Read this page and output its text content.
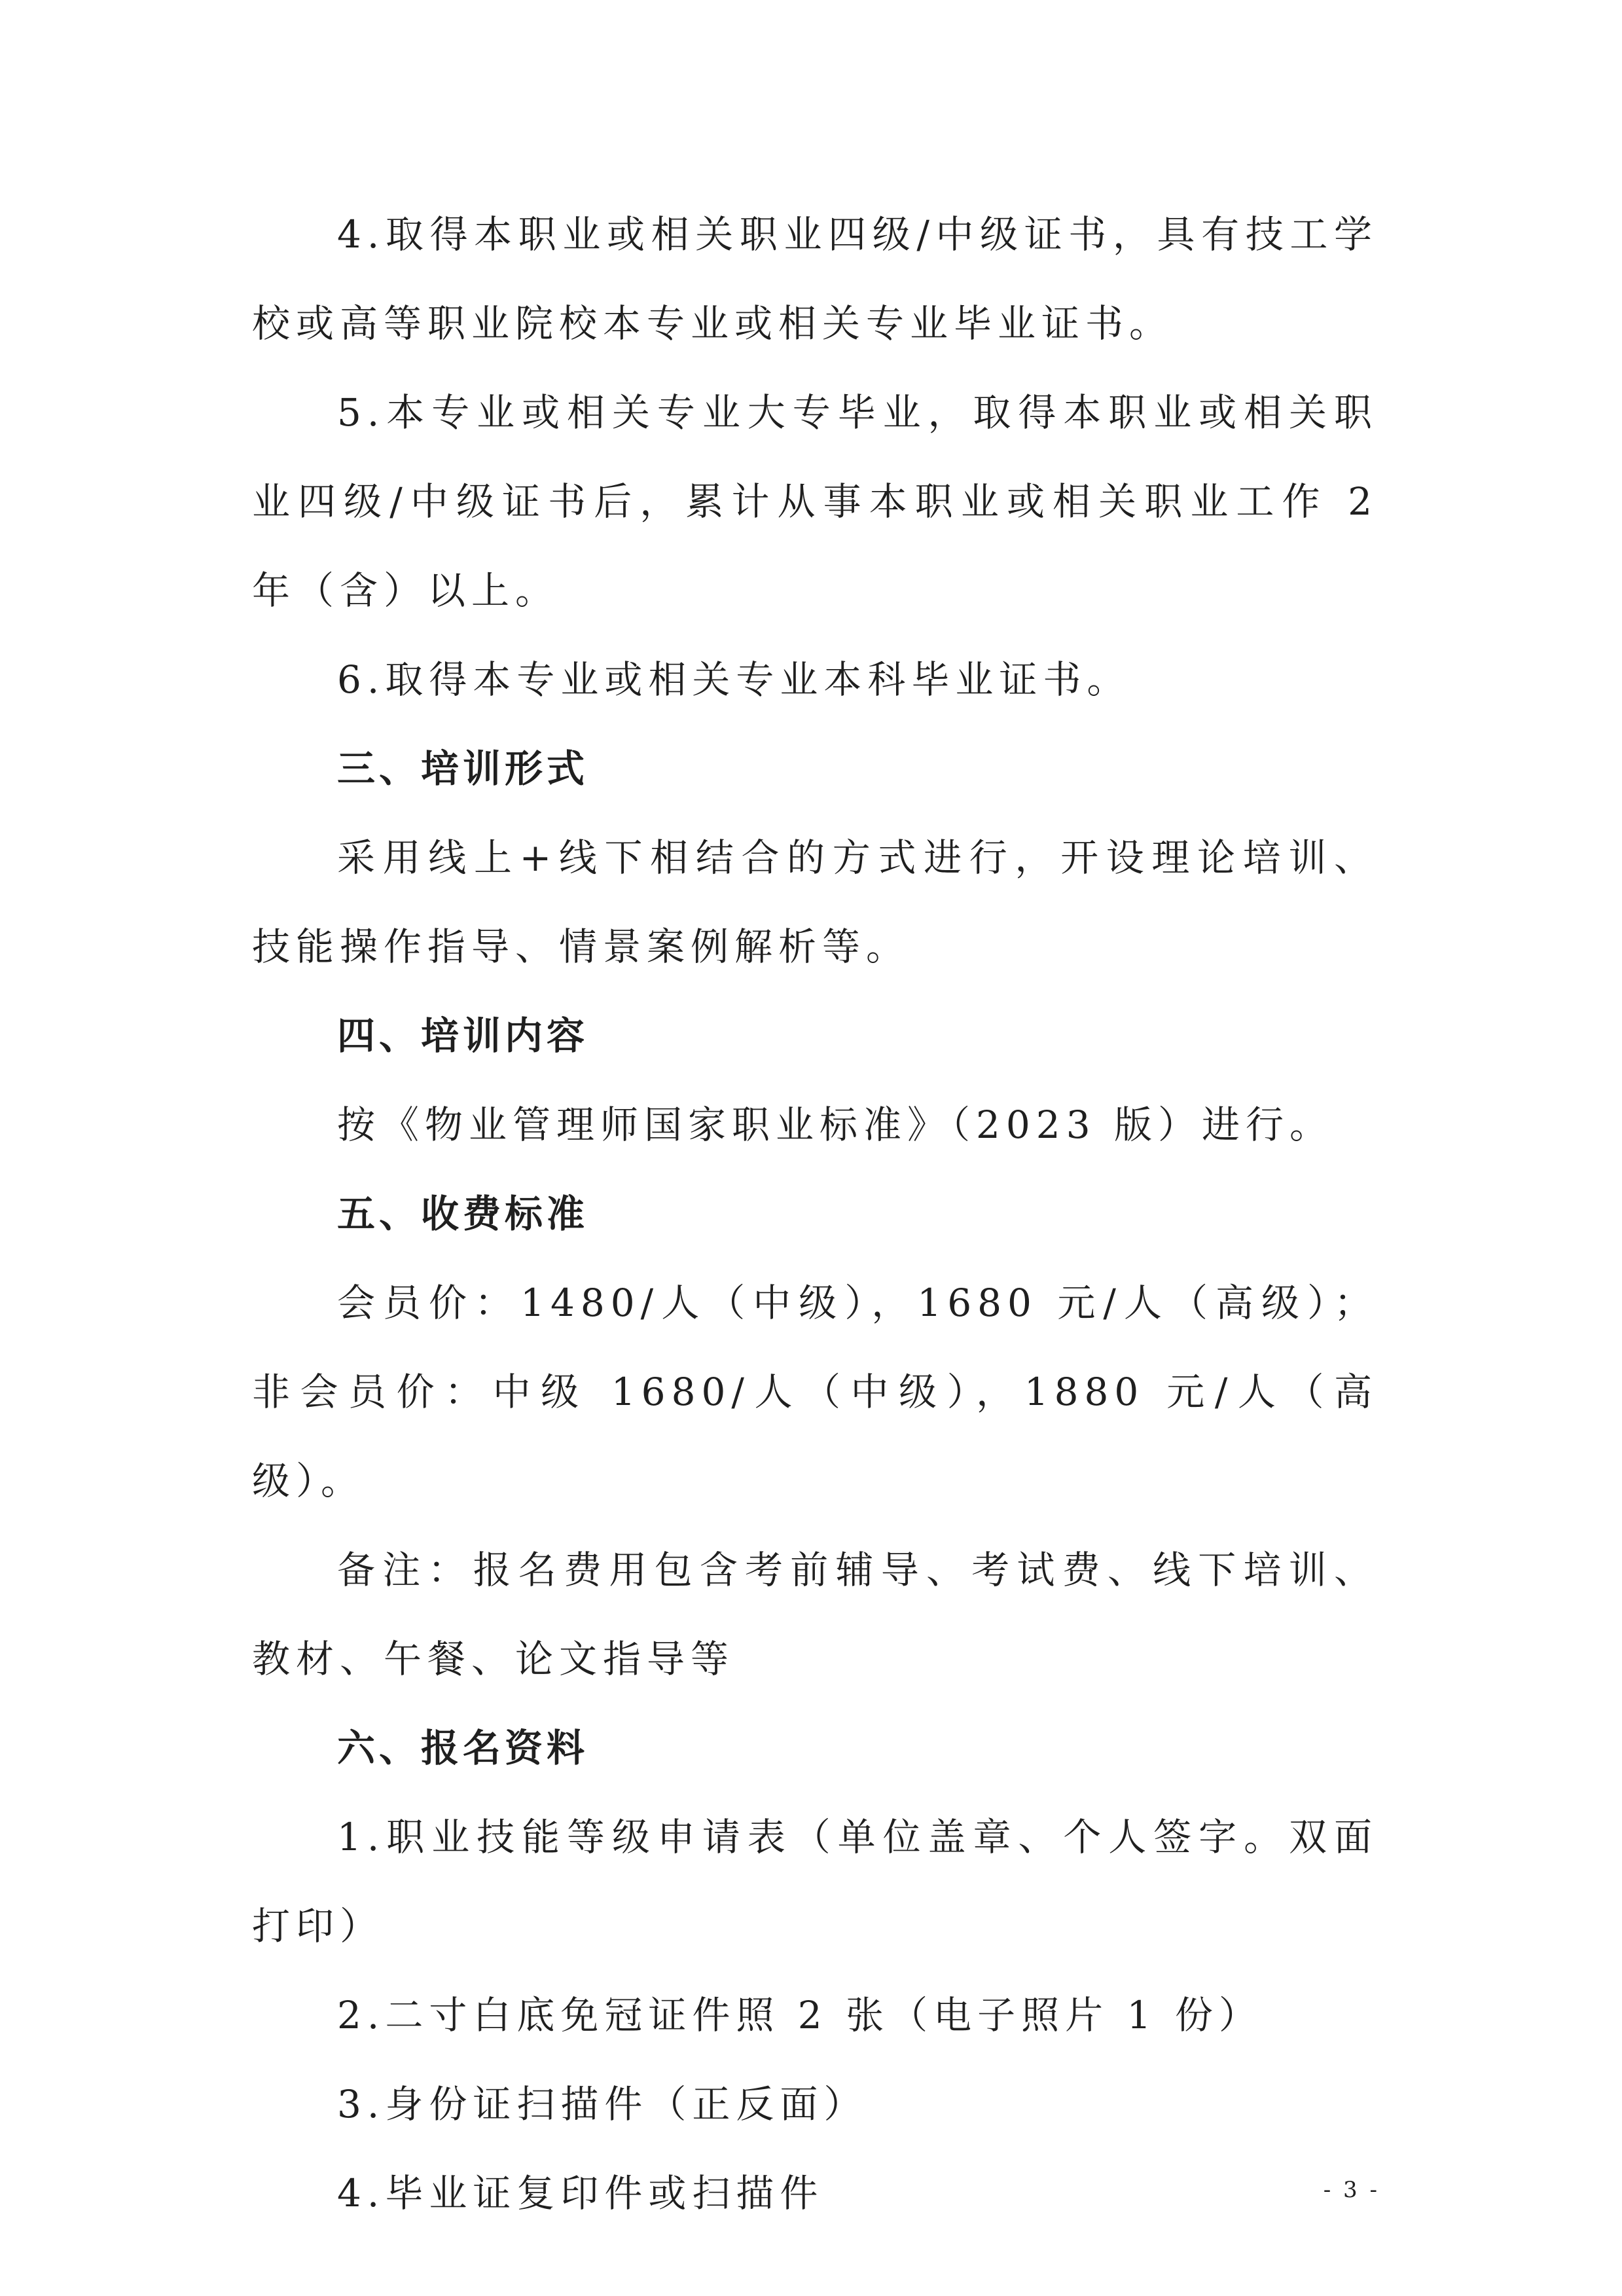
4.取得本职业或相关职业四级/中级证书，具有技工学校或高等职业院校本专业或相关专业毕业证书。

5.本专业或相关专业大专毕业，取得本职业或相关职业四级/中级证书后，累计从事本职业或相关职业工作 2 年（含）以上。

6.取得本专业或相关专业本科毕业证书。

三、培训形式

采用线上+线下相结合的方式进行，开设理论培训、技能操作指导、情景案例解析等。

四、培训内容

按《物业管理师国家职业标准》（2023 版）进行。

五、收费标准

会员价：1480/人（中级），1680 元/人（高级）；非会员价：中级 1680/人（中级），1880 元/人（高级）。

备注：报名费用包含考前辅导、考试费、线下培训、教材、午餐、论文指导等

六、报名资料

1.职业技能等级申请表（单位盖章、个人签字。双面打印）

2.二寸白底免冠证件照 2 张（电子照片 1 份）

3.身份证扫描件（正反面）

4.毕业证复印件或扫描件	- 3 -
